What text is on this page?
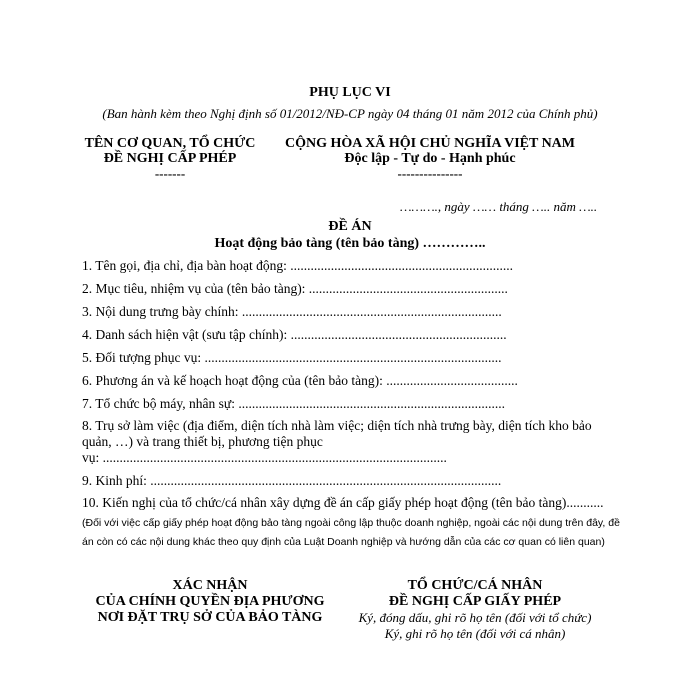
PHỤ LỤC VI
(Ban hành kèm theo Nghị định số 01/2012/NĐ-CP ngày 04 tháng 01 năm 2012 của Chính phủ)
TÊN CƠ QUAN, TỔ CHỨC
ĐỀ NGHỊ CẤP PHÉP
-------
CỘNG HÒA XÃ HỘI CHỦ NGHĨA VIỆT NAM
Độc lập - Tự do - Hạnh phúc
---------------
………., ngày …… tháng ….. năm …..
ĐỀ ÁN
Hoạt động bảo tàng (tên bảo tàng) …………..
1. Tên gọi, địa chỉ, địa bàn hoạt động: ..................................................................
2. Mục tiêu, nhiệm vụ của (tên bảo tàng): ...........................................................
3. Nội dung trưng bày chính: .............................................................................
4. Danh sách hiện vật (sưu tập chính): ................................................................
5. Đối tượng phục vụ: ........................................................................................
6. Phương án và kế hoạch hoạt động của (tên bảo tàng): .......................................
7. Tổ chức bộ máy, nhân sự: ...............................................................................
8. Trụ sở làm việc (địa điểm, diện tích nhà làm việc; diện tích nhà trưng bày, diện tích kho bảo
quản, …) và trang thiết bị, phương tiện phục
vụ: ......................................................................................................
9. Kinh phí: ........................................................................................................
10. Kiến nghị của tổ chức/cá nhân xây dựng đề án cấp giấy phép hoạt động (tên bảo tàng)...........
(Đối với việc cấp giấy phép hoạt động bảo tàng ngoài công lập thuộc doanh nghiệp, ngoài các nội dung trên đây, đề án còn có các nội dung khác theo quy định của Luật Doanh nghiệp và hướng dẫn của các cơ quan có liên quan)
XÁC NHẬN
CỦA CHÍNH QUYỀN ĐỊA PHƯƠNG
NƠI ĐẶT TRỤ SỞ CỦA BẢO TÀNG
TỔ CHỨC/CÁ NHÂN
ĐỀ NGHỊ CẤP GIẤY PHÉP
Ký, đóng dấu, ghi rõ họ tên (đối với tổ chức)
Ký, ghi rõ họ tên (đối với cá nhân)
